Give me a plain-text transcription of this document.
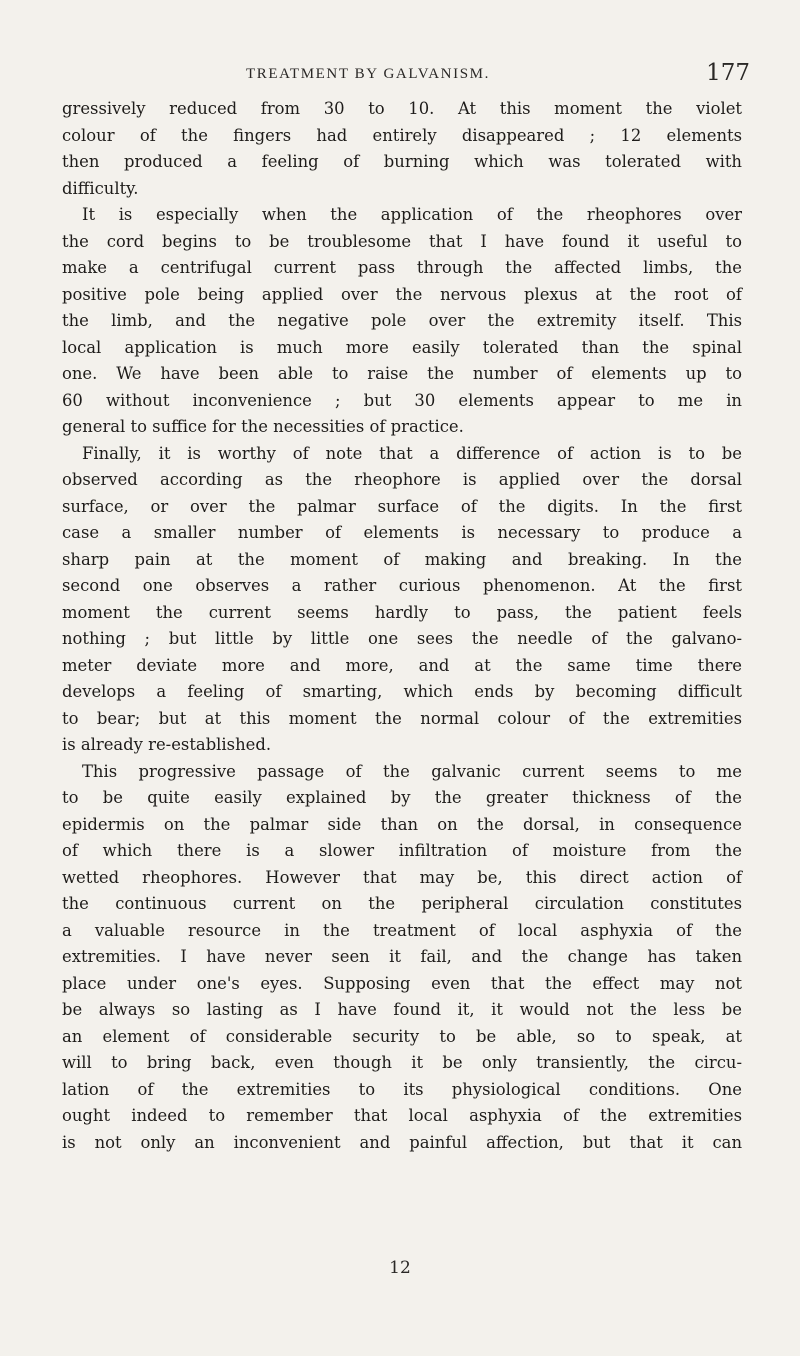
TREATMENT BY GALVANISM.	177
gressively reduced from 30 to 10. At this moment the violet
colour of the fingers had entirely disappeared ; 12 elements
then produced a feeling of burning which was tolerated with
difficulty.
It is especially when the application of the rheophores over
the cord begins to be troublesome that I have found it useful to
make a centrifugal current pass through the affected limbs, the
positive pole being applied over the nervous plexus at the root of
the limb, and the negative pole over the extremity itself. This
local application is much more easily tolerated than the spinal
one. We have been able to raise the number of elements up to
60 without inconvenience ; but 30 elements appear to me in
general to suffice for the necessities of practice.
Finally, it is worthy of note that a difference of action is to be
observed according as the rheophore is applied over the dorsal
surface, or over the palmar surface of the digits. In the first
case a smaller number of elements is necessary to produce a
sharp pain at the moment of making and breaking. In the
second one observes a rather curious phenomenon. At the first
moment the current seems hardly to pass, the patient feels
nothing ; but little by little one sees the needle of the galvano-
meter deviate more and more, and at the same time there
develops a feeling of smarting, which ends by becoming difficult
to bear; but at this moment the normal colour of the extremities
is already re-established.
This progressive passage of the galvanic current seems to me
to be quite easily explained by the greater thickness of the
epidermis on the palmar side than on the dorsal, in consequence
of which there is a slower infiltration of moisture from the
wetted rheophores. However that may be, this direct action of
the continuous current on the peripheral circulation constitutes
a valuable resource in the treatment of local asphyxia of the
extremities. I have never seen it fail, and the change has taken
place under one's eyes. Supposing even that the effect may not
be always so lasting as I have found it, it would not the less be
an element of considerable security to be able, so to speak, at
will to bring back, even though it be only transiently, the circu-
lation of the extremities to its physiological conditions. One
ought indeed to remember that local asphyxia of the extremities
is not only an inconvenient and painful affection, but that it can
12
